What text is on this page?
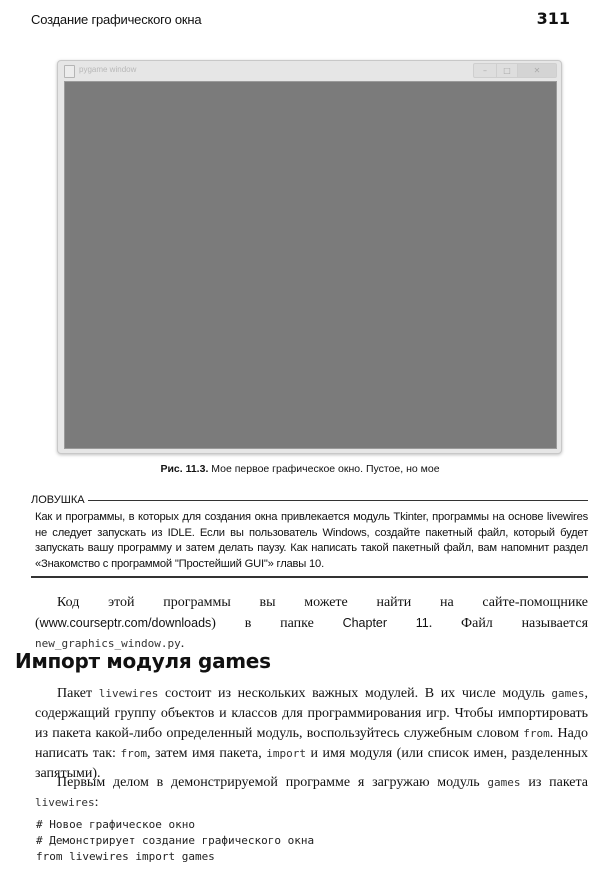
Создание графического окна	311
pygame window	–	□	✕
Рис. 11.3. Мое первое графическое окно. Пустое, но мое
ЛОВУШКА
Как и программы, в которых для создания окна привлекается модуль Tkinter, программы на основе livewires не следует запускать из IDLE. Если вы пользователь Windows, создайте пакетный файл, который будет запускать вашу программу и затем делать паузу. Как написать такой пакетный файл, вам напомнит раздел «Знакомство с программой "Простейший GUI"» главы 10.
Код этой программы вы можете найти на сайте-помощнике (www.courseptr.com/downloads) в папке Chapter 11. Файл называется new_graphics_window.py.
Импорт модуля games
Пакет livewires состоит из нескольких важных модулей. В их числе модуль games, содержащий группу объектов и классов для программирования игр. Чтобы импортировать из пакета какой-либо определенный модуль, воспользуйтесь служебным словом from. Надо написать так: from, затем имя пакета, import и имя модуля (или список имен, разделенных запятыми).
Первым делом в демонстрируемой программе я загружаю модуль games из пакета livewires:
# Новое графическое окно
# Демонстрирует создание графического окна
from livewires import games
